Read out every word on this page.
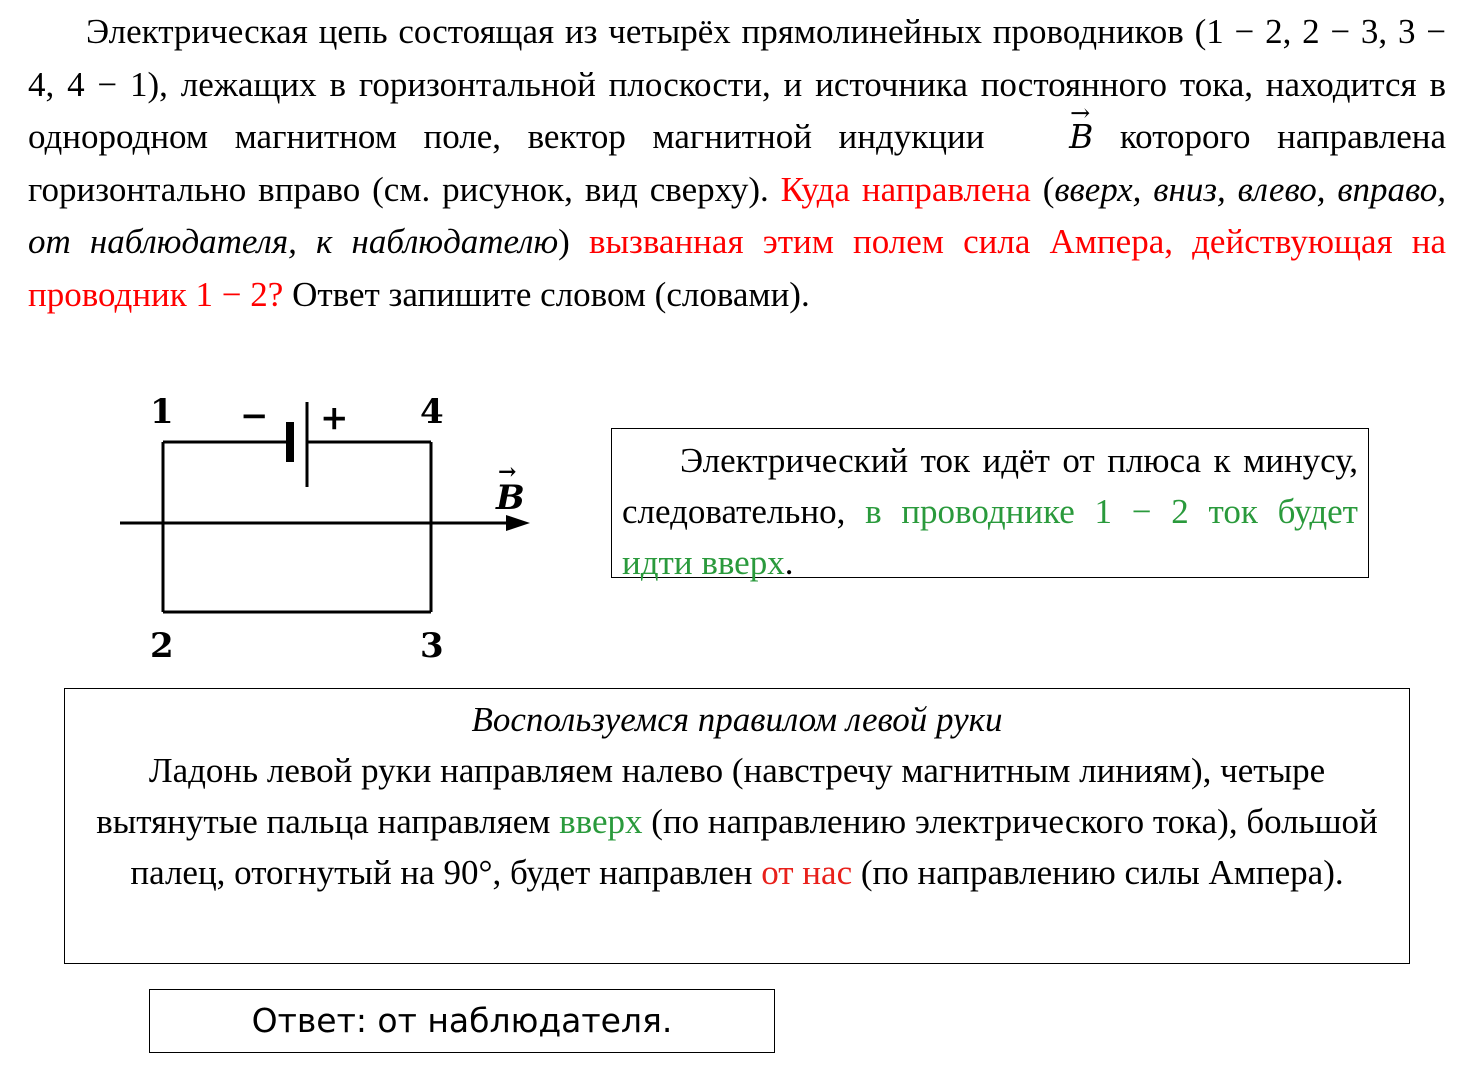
Электрическая цепь состоящая из четырёх прямолинейных проводников (1 − 2, 2 − 3, 3 − 4, 4 − 1), лежащих в горизонтальной плоскости, и источника постоянного тока, находится в однородном магнитном поле, вектор магнитной индукции → B которого направлена горизонтально вправо (см. рисунок, вид сверху). Куда направлена (вверх, вниз, влево, вправо, от наблюдателя, к наблюдателю) вызванная этим полем сила Ампера, действующая на проводник 1 − 2? Ответ запишите словом (словами).

1	4
2	3
− +
B
→	Электрический ток идёт от плюса к минусу, следовательно, в проводнике 1 − 2 ток будет идти вверх.
Воспользуемся правилом левой руки
Ладонь левой руки направляем налево (навстречу магнитным линиям), четыре вытянутые пальца направляем вверх (по направлению электрического тока), большой палец, отогнутый на 90°, будет направлен от нас (по направлению силы Ампера).
Ответ: от наблюдателя.
